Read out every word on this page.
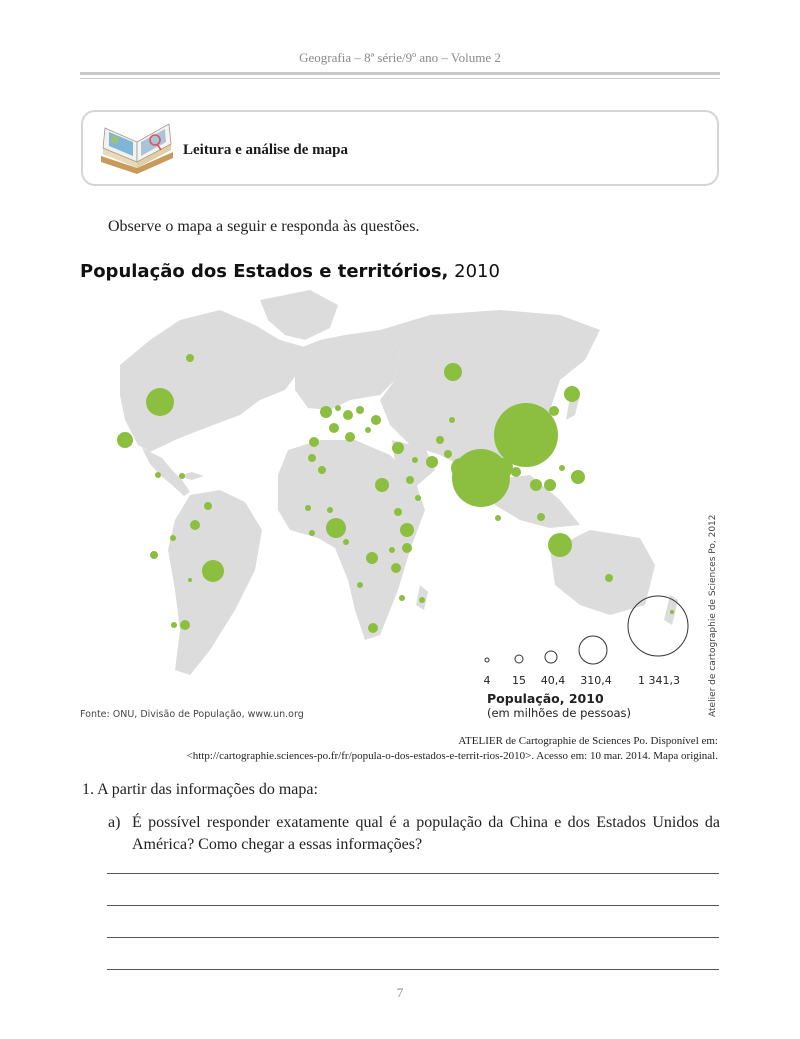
Geografia – 8ª série/9º ano – Volume 2
Leitura e análise de mapa
Observe o mapa a seguir e responda às questões.
População dos Estados e territórios, 2010
4 15 40,4 310,4 1 341,3
População, 2010
(em milhões de pessoas)
Fonte: ONU, Divisão de População, www.un.org	Atelier de cartographie de Sciences Po, 2012
ATELIER de Cartographie de Sciences Po. Disponível em:
<http://cartographie.sciences-po.fr/fr/popula-o-dos-estados-e-territ-rios-2010>. Acesso em: 10 mar. 2014. Mapa original.
1. A partir das informações do mapa:
a) É possível responder exatamente qual é a população da China e dos Estados Unidos da América? Como chegar a essas informações?
7
